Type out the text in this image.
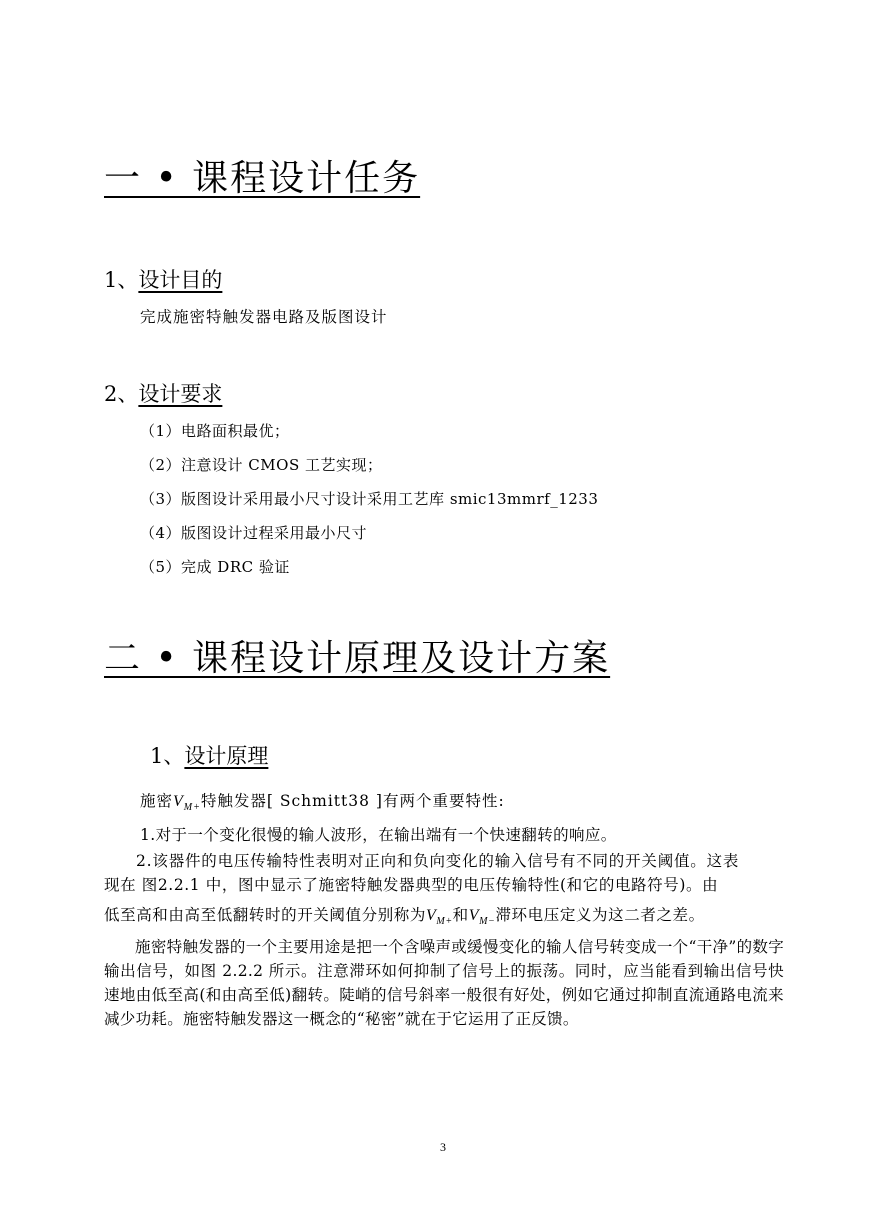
一 • 课程设计任务
1、设计目的
完成施密特触发器电路及版图设计
2、设计要求
（1）电路面积最优；
（2）注意设计 CMOS 工艺实现；
（3）版图设计采用最小尺寸设计采用工艺库 smic13mmrf_1233
（4）版图设计过程采用最小尺寸
（5）完成 DRC 验证
二 • 课程设计原理及设计方案
1、设计原理
施密$V_{M+}$特触发器[ Schmitt38 ]有两个重要特性:
1.对于一个变化很慢的输人波形，在输出端有一个快速翻转的响应。
2.该器件的电压传输特性表明对正向和负向变化的输入信号有不同的开关阈值。这表
现在 图2.2.1 中，图中显示了施密特触发器典型的电压传输特性(和它的电路符号)。由
低至高和由高至低翻转时的开关阈值分别称为$V_{M+}$和$V_{M-}$滞环电压定义为这二者之差。
施密特触发器的一个主要用途是把一个含噪声或缓慢变化的输人信号转变成一个“干净”的数字输出信号，如图 2.2.2 所示。注意滞环如何抑制了信号上的振荡。同时，应当能看到输出信号快速地由低至高(和由高至低)翻转。陡峭的信号斜率一般很有好处，例如它通过抑制直流通路电流来减少功耗。施密特触发器这一概念的“秘密”就在于它运用了正反馈。
3
